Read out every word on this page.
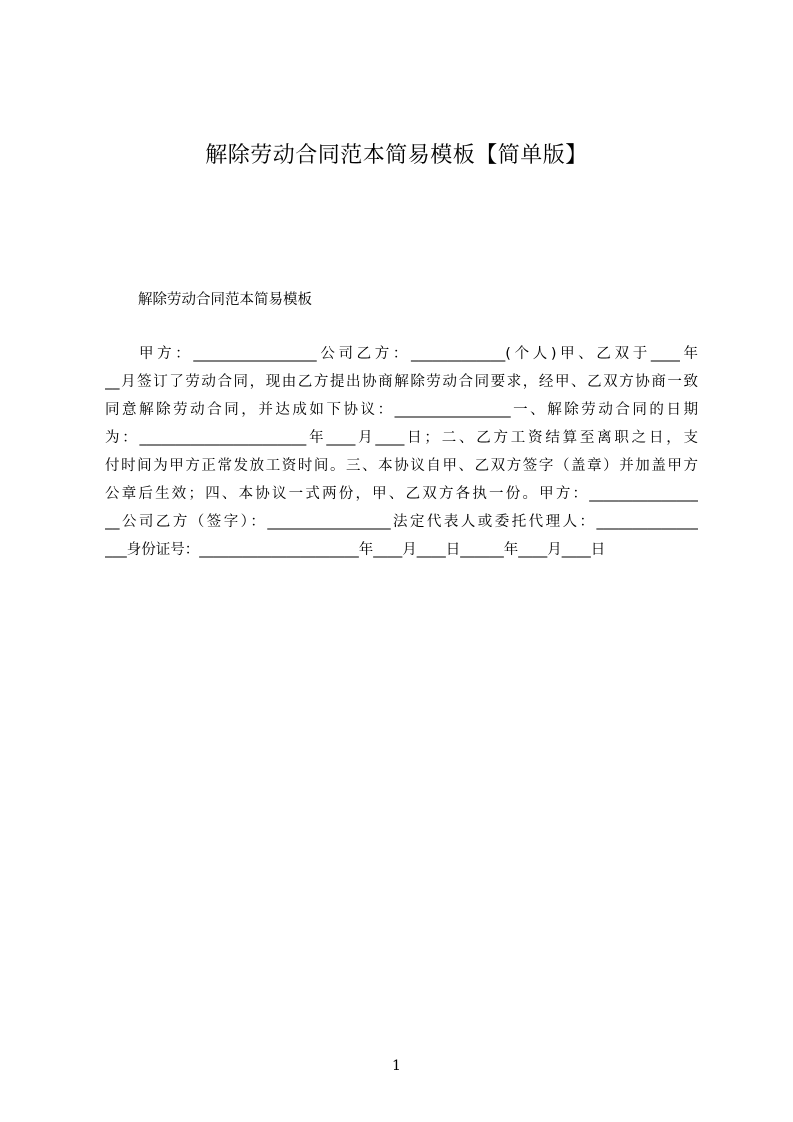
解除劳动合同范本简易模板【简单版】

解除劳动合同范本简易模板

甲方：_________________公司乙方：_____________(个人)甲、乙双于____年
__月签订了劳动合同，现由乙方提出协商解除劳动合同要求，经甲、乙双方协商一致
同意解除劳动合同，并达成如下协议：________________一、解除劳动合同的日期
为：_______________________年____月____日；二、乙方工资结算至离职之日，支
付时间为甲方正常发放工资时间。三、本协议自甲、乙双方签字（盖章）并加盖甲方
公章后生效；四、本协议一式两份，甲、乙双方各执一份。甲方：_______________
__公司乙方（签字）：_________________法定代表人或委托代理人：______________
___身份证号：______________________年____月____日______年____月____日
1
